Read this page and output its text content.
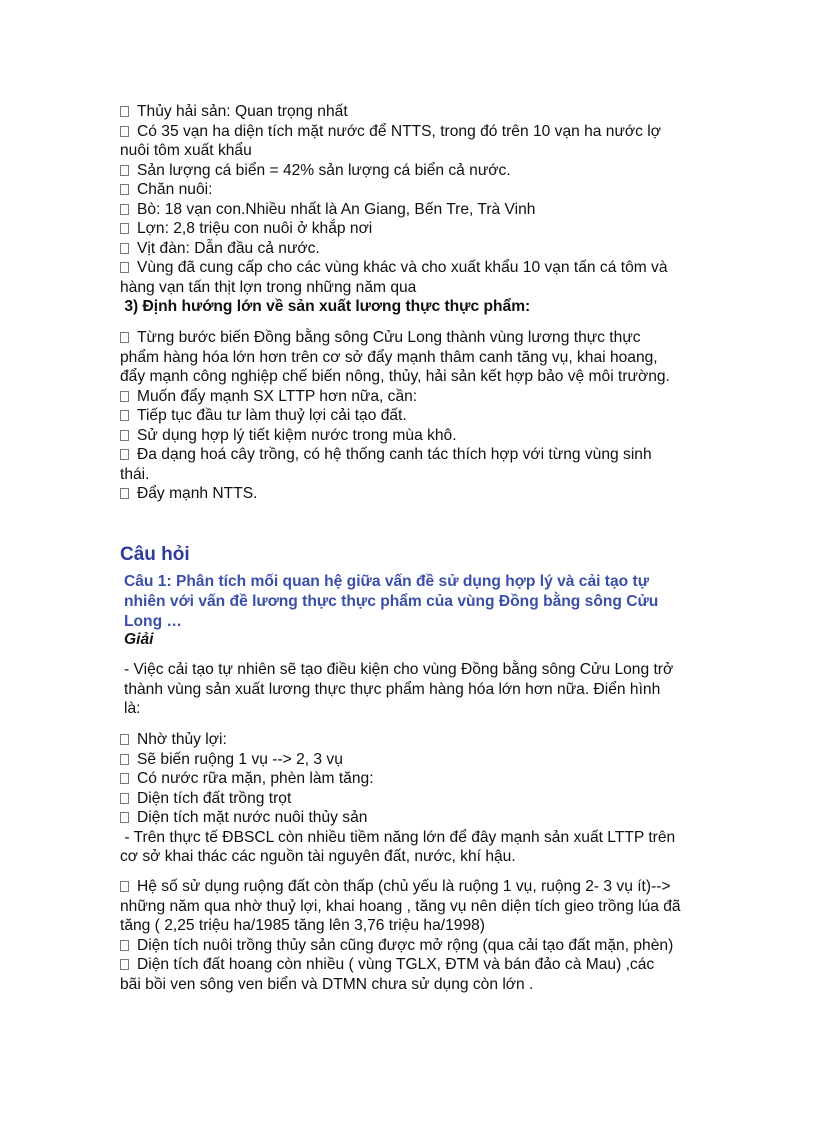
Thủy hải sản: Quan trọng nhất
Có 35 vạn ha diện tích mặt nước để NTTS, trong đó trên 10 vạn ha nước lợ
nuôi tôm xuất khẩu
Sản lượng cá biển = 42% sản lượng cá biển cả nước.
Chăn nuôi:
Bò: 18 vạn con.Nhiều nhất là An Giang, Bến Tre, Trà Vinh
Lợn: 2,8 triệu con nuôi ở khắp nơi
Vịt đàn: Dẫn đầu cả nước.
Vùng đã cung cấp cho các vùng khác và cho xuất khẩu 10 vạn tấn cá tôm và
hàng vạn tấn thịt lợn trong những năm qua
3) Định hướng lớn về sản xuất lương thực thực phẩm:
Từng bước biến Đồng bằng sông Cửu Long thành vùng lương thực thực
phẩm hàng hóa lớn hơn trên cơ sở đẩy mạnh thâm canh tăng vụ, khai hoang,
đẩy mạnh công nghiệp chế biến nông, thủy, hải sản kết hợp bảo vệ môi trường.
Muốn đẩy mạnh SX LTTP hơn nữa, cần:
Tiếp tục đầu tư làm thuỷ lợi cải tạo đất.
Sử dụng hợp lý tiết kiệm nước trong mùa khô.
Đa dạng hoá cây trồng, có hệ thống canh tác thích hợp với từng vùng sinh
thái.
Đẩy mạnh NTTS.
Câu hỏi
Câu 1: Phân tích mối quan hệ giữa vấn đề sử dụng hợp lý và cải tạo tự nhiên với vấn đề lương thực thực phẩm của vùng Đồng bằng sông Cửu Long …
Giải
- Việc cải tạo tự nhiên sẽ tạo điều kiện cho vùng Đồng bằng sông Cửu Long trở
thành vùng sản xuất lương thực thực phẩm hàng hóa lớn hơn nữa. Điển hình
là:
Nhờ thủy lợi:
Sẽ biến ruộng 1 vụ --> 2, 3 vụ
Có nước rữa mặn, phèn làm tăng:
Diện tích đất trồng trọt
Diện tích mặt nước nuôi thủy sản
- Trên thực tế ĐBSCL còn nhiều tiềm năng lớn để đây mạnh sản xuất LTTP trên
cơ sở khai thác các nguồn tài nguyên đất, nước, khí hậu.
Hệ số sử dụng ruộng đất còn thấp (chủ yếu là ruộng 1 vụ, ruộng 2- 3 vụ ít)-->
những năm qua nhờ thuỷ lợi, khai hoang , tăng vụ nên diện tích gieo trồng lúa đã
tăng ( 2,25 triệu ha/1985 tăng lên 3,76 triệu ha/1998)
Diện tích nuôi trồng thủy sản cũng được mở rộng (qua cải tạo đất mặn, phèn)
Diện tích đất hoang còn nhiều ( vùng TGLX, ĐTM và bán đảo cà Mau) ,các
bãi bồi ven sông ven biển và DTMN chưa sử dụng còn lớn .
